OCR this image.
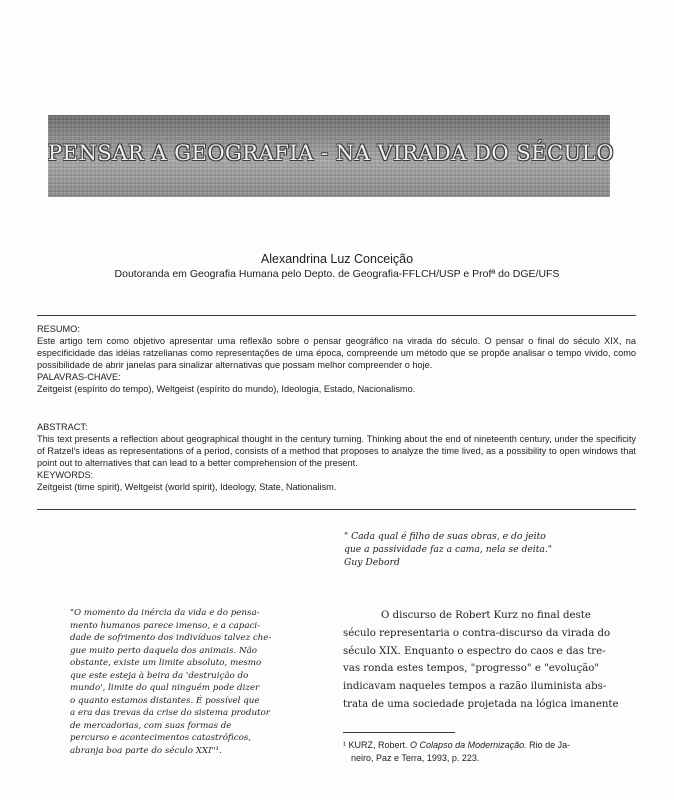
PENSAR A GEOGRAFIA - NA VIRADA DO SÉCULO
Alexandrina Luz Conceição
Doutoranda em Geografia Humana pelo Depto. de Geografia-FFLCH/USP e Profª do DGE/UFS
RESUMO:
Este artigo tem como objetivo apresentar uma reflexão sobre o pensar geográfico na virada do século. O pensar o final do século XIX, na especificidade das idéias ratzelianas como representações de uma época, compreende um método que se propõe analisar o tempo vivido, como possibilidade de abrir janelas para sinalizar alternativas que possam melhor compreender o hoje.
PALAVRAS-CHAVE:
Zeitgeist (espírito do tempo), Weltgeist (espírito do mundo), Ideologia, Estado, Nacionalismo.
ABSTRACT:
This text presents a reflection about geographical thought in the century turning. Thinking about the end of nineteenth century, under the specificity of Ratzel's ideas as representations of a period, consists of a method that proposes to analyze the time lived, as a possibility to open windows that point out to alternatives that can lead to a better comprehension of the present.
KEYWORDS:
Zeitgeist (time spirit), Weltgeist (world spirit), Ideology, State, Nationalism.
" Cada qual é filho de suas obras, e do jeito
que a passividade faz a cama, nela se deita."
Guy Debord
"O momento da inércia da vida e do pensa-
mento humanos parece imenso, e a capaci-
dade de sofrimento dos indivíduos talvez che-
gue muito perto daquela dos animais. Não
obstante, existe um limite absoluto, mesmo
que este esteja à beira da 'destruição do
mundo', limite do qual ninguém pode dizer
o quanto estamos distantes. É possível que
a era das trevas da crise do sistema produtor
de mercadorias, com suas formas de
percurso e acontecimentos catastróficos,
abranja boa parte do século XXI"¹.
O discurso de Robert Kurz no final deste
século representaria o contra-discurso da virada do
século XIX. Enquanto o espectro do caos e das tre-
vas ronda estes tempos, "progresso" e "evolução"
indicavam naqueles tempos a razão iluminista abs-
trata de uma sociedade projetada na lógica imanente
¹ KURZ, Robert. O Colapso da Modernização. Rio de Ja-
neiro, Paz e Terra, 1993, p. 223.
